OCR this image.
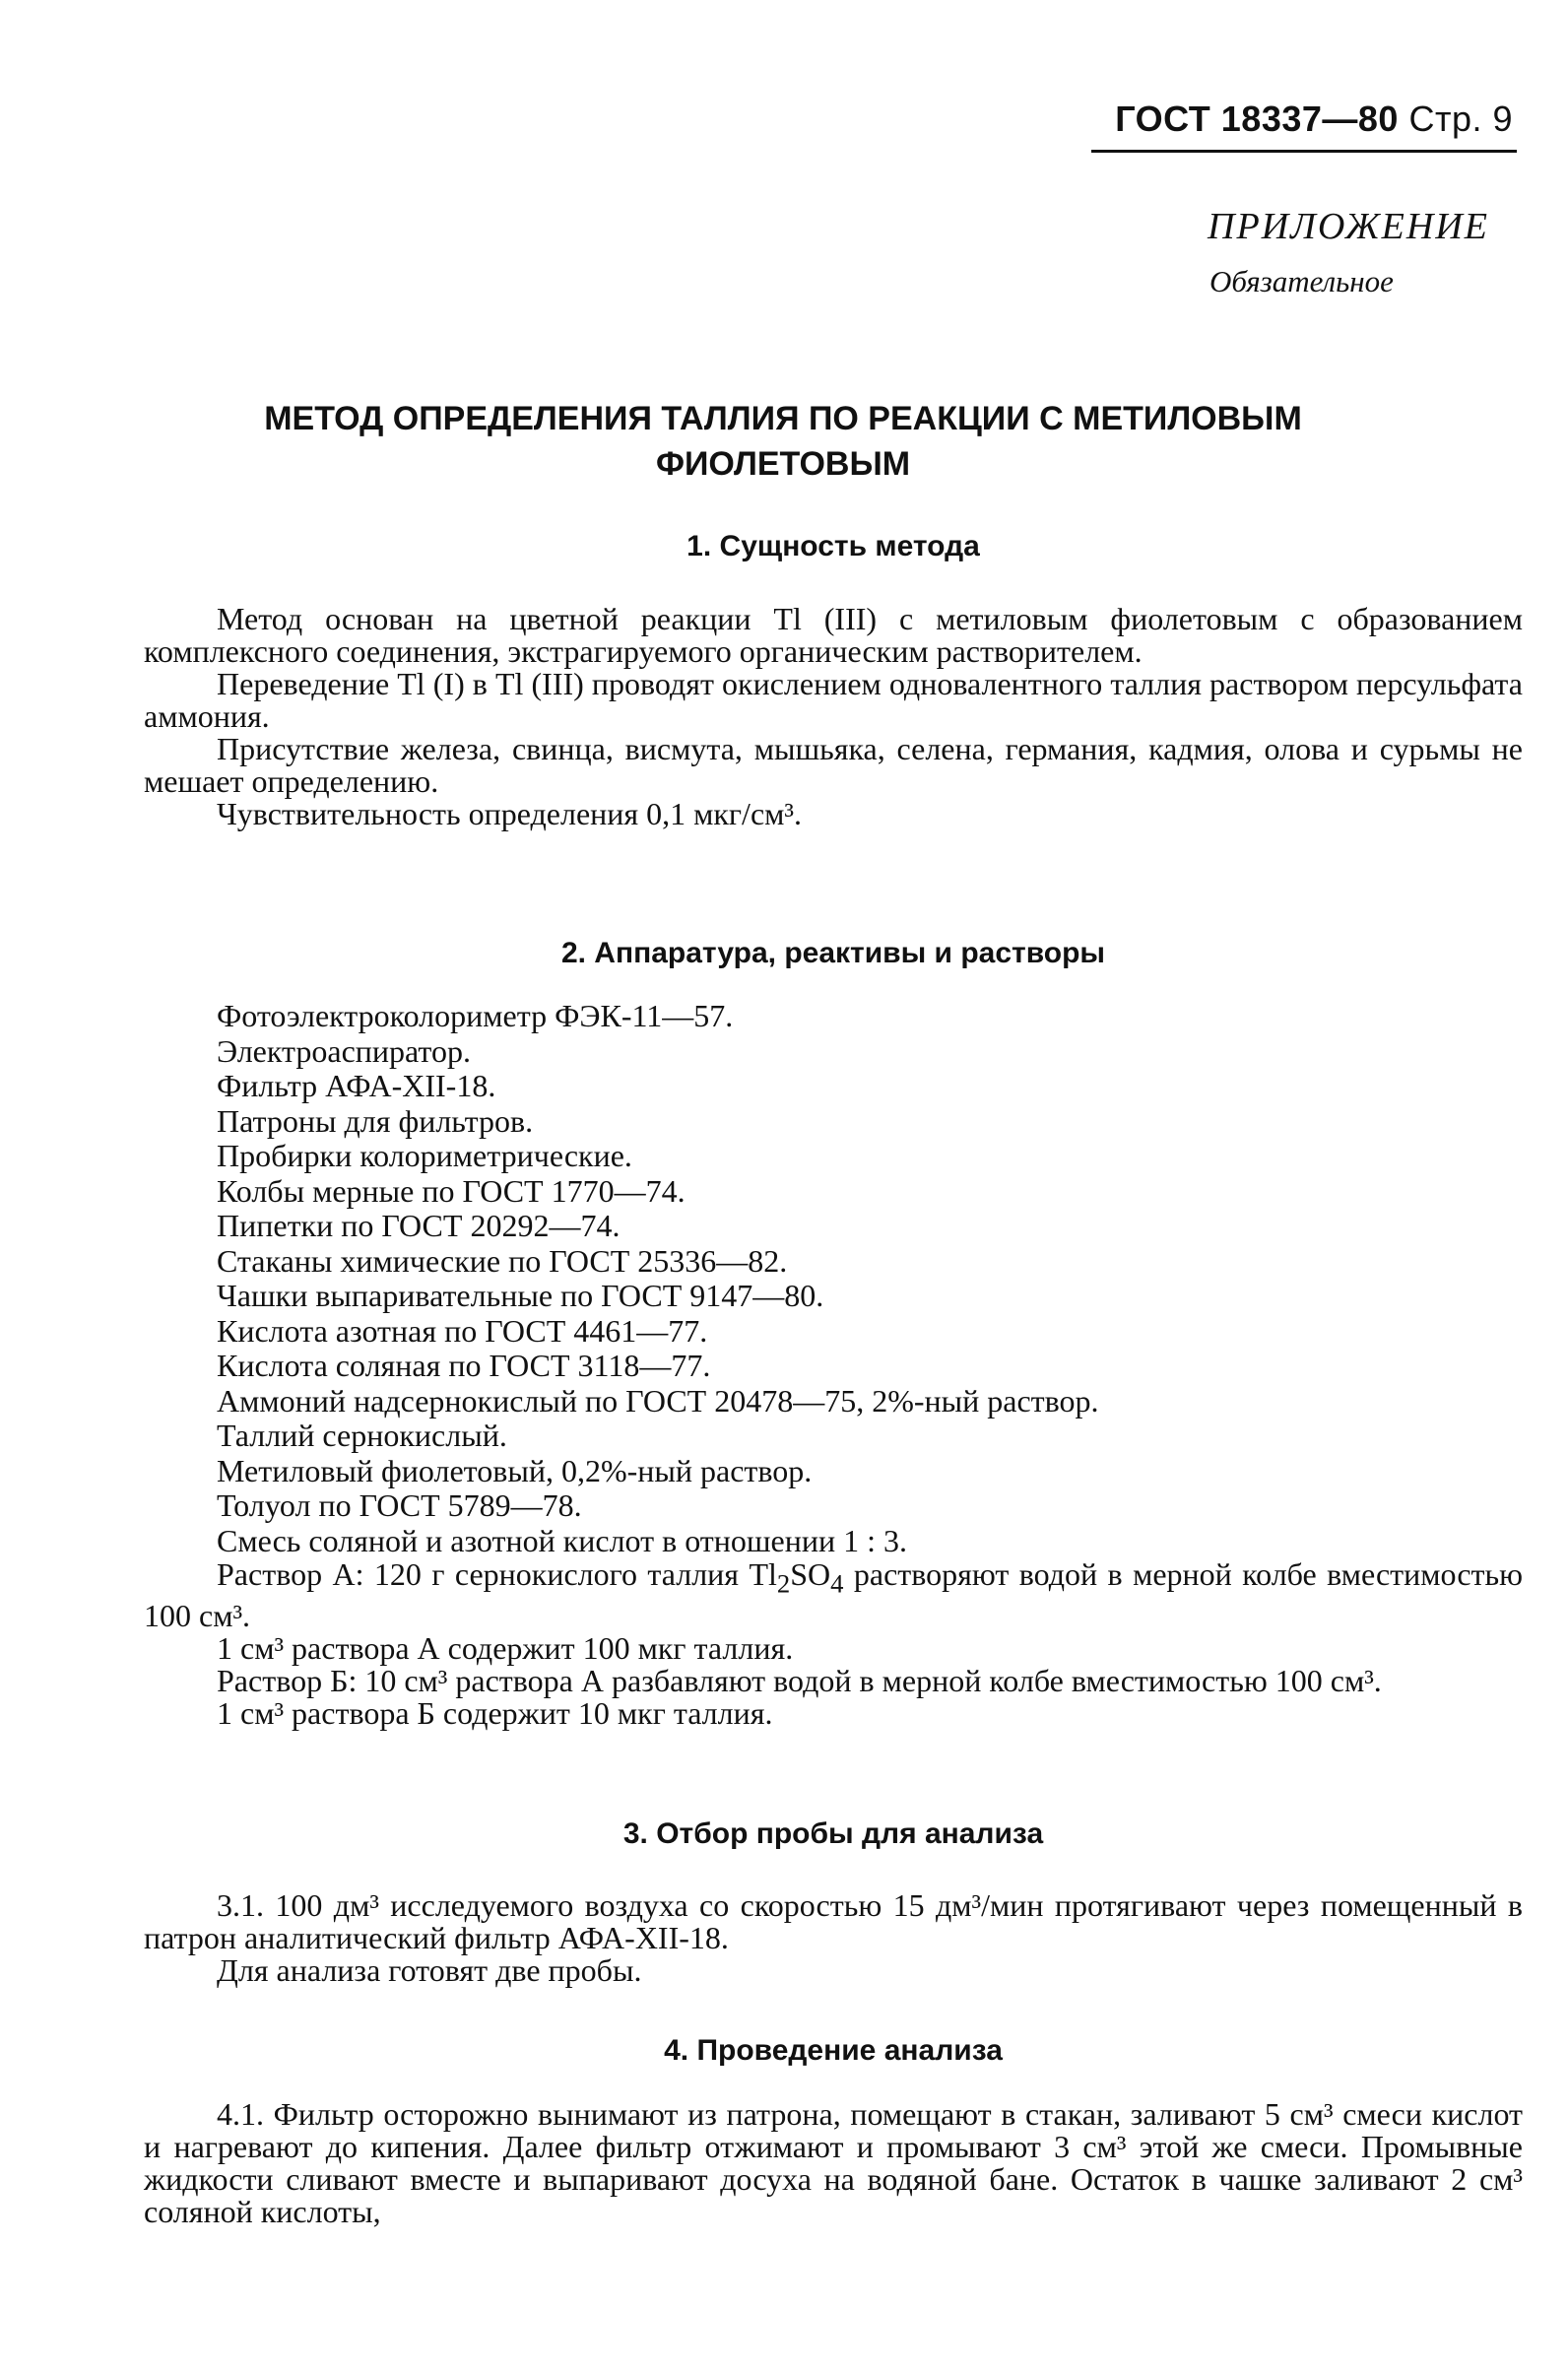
ГОСТ 18337—80 Стр. 9
ПРИЛОЖЕНИЕ
Обязательное
МЕТОД ОПРЕДЕЛЕНИЯ ТАЛЛИЯ ПО РЕАКЦИИ С МЕТИЛОВЫМ
ФИОЛЕТОВЫМ
1. Сущность метода

Метод основан на цветной реакции Тl (III) с метиловым фиолетовым с образованием комплексного соединения, экстрагируемого органическим растворителем.

Переведение Тl (I) в Тl (III) проводят окислением одновалентного таллия раствором персульфата аммония.

Присутствие железа, свинца, висмута, мышьяка, селена, германия, кадмия, олова и сурьмы не мешает определению.

Чувствительность определения 0,1 мкг/см³.

2. Аппаратура, реактивы и растворы
Фотоэлектроколориметр ФЭК-11—57.
Электроаспиратор.
Фильтр АФА-ХII-18.
Патроны для фильтров.
Пробирки колориметрические.
Колбы мерные по ГОСТ 1770—74.
Пипетки по ГОСТ 20292—74.
Стаканы химические по ГОСТ 25336—82.
Чашки выпаривательные по ГОСТ 9147—80.
Кислота азотная по ГОСТ 4461—77.
Кислота соляная по ГОСТ 3118—77.
Аммоний надсернокислый по ГОСТ 20478—75, 2%-ный раствор.
Таллий сернокислый.
Метиловый фиолетовый, 0,2%-ный раствор.
Толуол по ГОСТ 5789—78.
Смесь соляной и азотной кислот в отношении 1 : 3.

Раствор А: 120 г сернокислого таллия $Tl_2SO_4$ растворяют водой в мерной колбе вместимостью 100 см³.

1 см³ раствора А содержит 100 мкг таллия.

Раствор Б: 10 см³ раствора А разбавляют водой в мерной колбе вместимостью 100 см³.

1 см³ раствора Б содержит 10 мкг таллия.

3. Отбор пробы для анализа

3.1. 100 дм³ исследуемого воздуха со скоростью 15 дм³/мин протягивают через помещенный в патрон аналитический фильтр АФА-ХII-18.

Для анализа готовят две пробы.

4. Проведение анализа

4.1. Фильтр осторожно вынимают из патрона, помещают в стакан, заливают 5 см³ смеси кислот и нагревают до кипения. Далее фильтр отжимают и промывают 3 см³ этой же смеси. Промывные жидкости сливают вместе и выпаривают досуха на водяной бане. Остаток в чашке заливают 2 см³ соляной кислоты,
